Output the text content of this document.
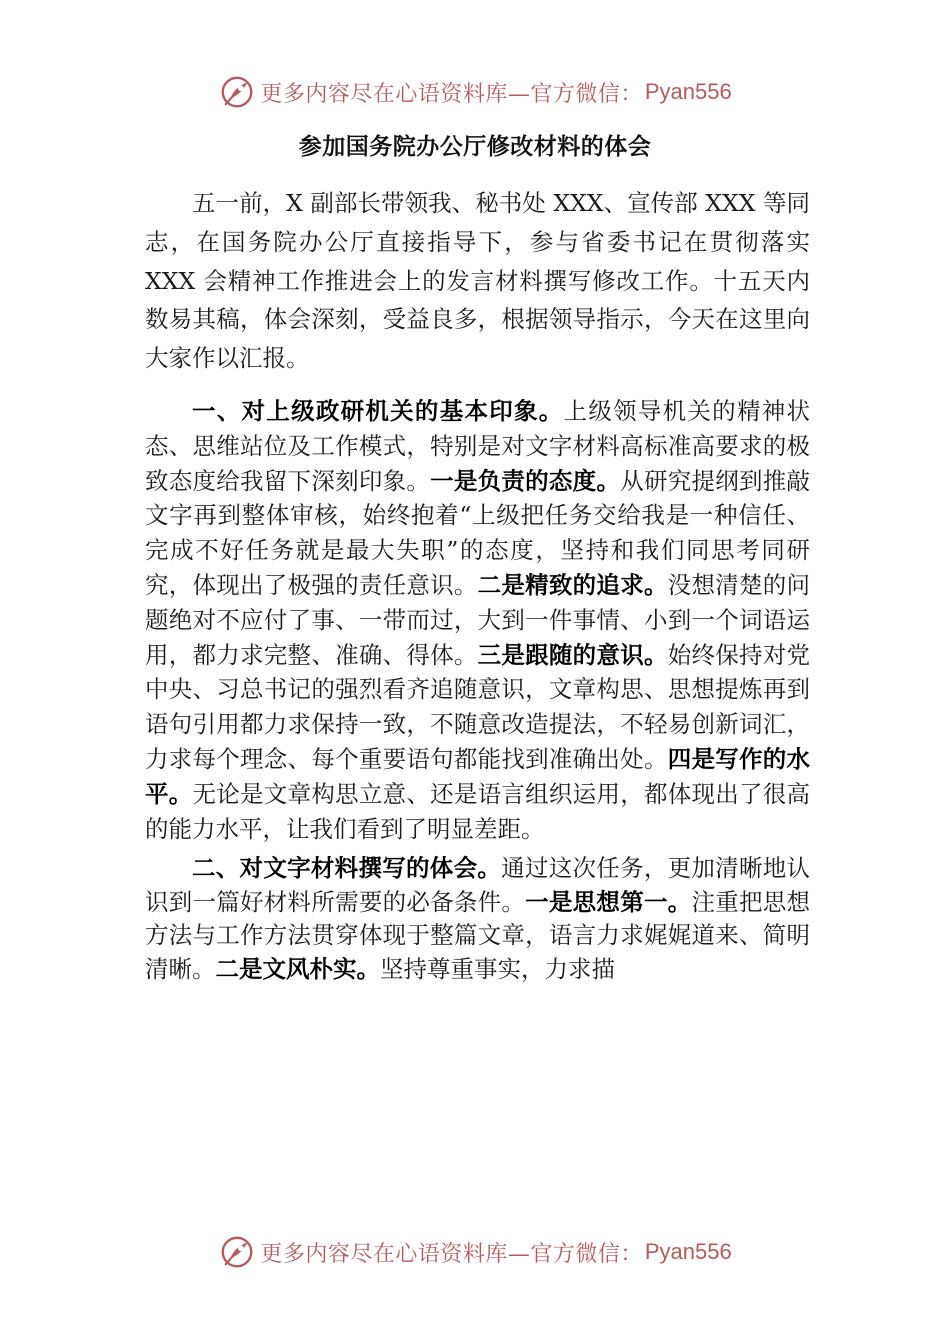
更多内容尽在心语资料库—官方微信： Pyan556
参加国务院办公厅修改材料的体会

五一前，X 副部长带领我、秘书处 XXX、宣传部 XXX 等同志，在国务院办公厅直接指导下，参与省委书记在贯彻落实 XXX 会精神工作推进会上的发言材料撰写修改工作。十五天内数易其稿，体会深刻，受益良多，根据领导指示，今天在这里向大家作以汇报。

一、对上级政研机关的基本印象。上级领导机关的精神状态、思维站位及工作模式，特别是对文字材料高标准高要求的极致态度给我留下深刻印象。一是负责的态度。从研究提纲到推敲文字再到整体审核，始终抱着“上级把任务交给我是一种信任、完成不好任务就是最大失职”的态度，坚持和我们同思考同研究，体现出了极强的责任意识。二是精致的追求。没想清楚的问题绝对不应付了事、一带而过，大到一件事情、小到一个词语运用，都力求完整、准确、得体。三是跟随的意识。始终保持对党中央、习总书记的强烈看齐追随意识，文章构思、思想提炼再到语句引用都力求保持一致，不随意改造提法，不轻易创新词汇，力求每个理念、每个重要语句都能找到准确出处。四是写作的水平。无论是文章构思立意、还是语言组织运用，都体现出了很高的能力水平，让我们看到了明显差距。

二、对文字材料撰写的体会。通过这次任务，更加清晰地认识到一篇好材料所需要的必备条件。一是思想第一。注重把思想方法与工作方法贯穿体现于整篇文章，语言力求娓娓道来、简明清晰。二是文风朴实。坚持尊重事实，力求描

更多内容尽在心语资料库—官方微信： Pyan556
